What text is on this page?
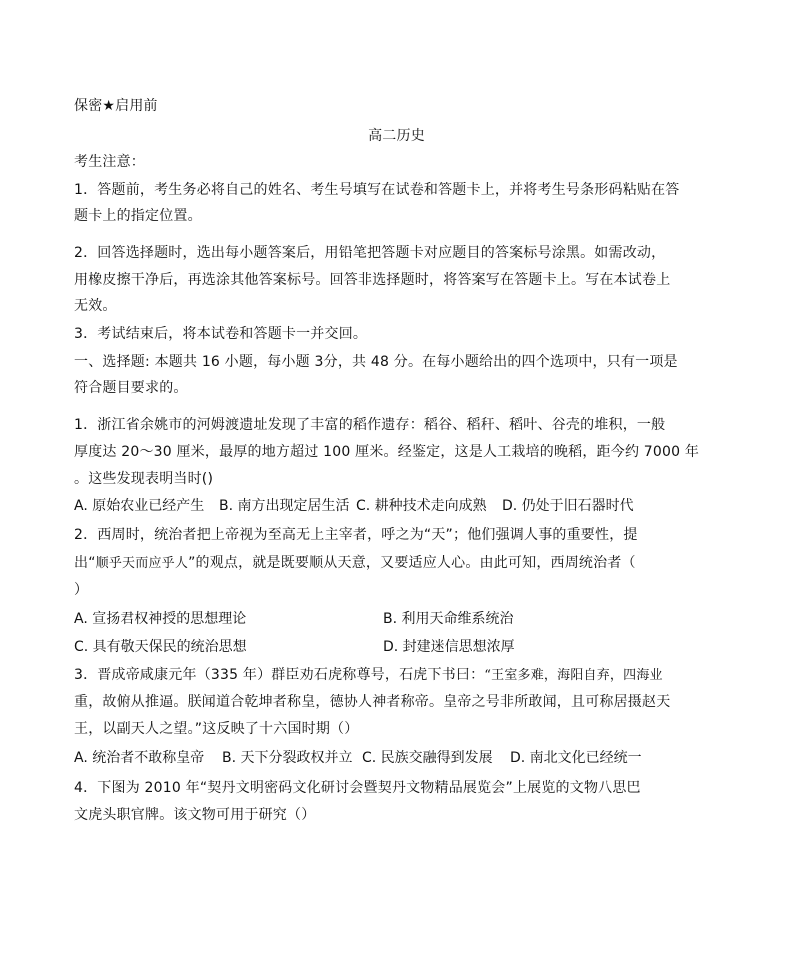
保密★启用前
高二历史
考生注意：
1．答题前，考生务必将自己的姓名、考生号填写在试卷和答题卡上，并将考生号条形码粘贴在答
题卡上的指定位置。
2．回答选择题时，选出每小题答案后，用铅笔把答题卡对应题目的答案标号涂黑。如需改动，
用橡皮擦干净后，再选涂其他答案标号。回答非选择题时，将答案写在答题卡上。写在本试卷上
无效。
3．考试结束后，将本试卷和答题卡一并交回。
一、选择题: 本题共 16 小题，每小题 3分，共 48 分。在每小题给出的四个选项中，只有一项是
符合题目要求的。
1．浙江省余姚市的河姆渡遗址发现了丰富的稻作遗存：稻谷、稻秆、稻叶、谷壳的堆积，一般
厚度达 20～30 厘米，最厚的地方超过 100 厘米。经鉴定，这是人工栽培的晚稻，距今约 7000 年
。这些发现表明当时()
A. 原始农业已经产生 B. 南方出现定居生活 C. 耕种技术走向成熟 D. 仍处于旧石器时代
2．西周时，统治者把上帝视为至高无上主宰者，呼之为“天”；他们强调人事的重要性，提
出“顺乎天而应乎人”的观点，就是既要顺从天意，又要适应人心。由此可知，西周统治者（
）
A. 宣扬君权神授的思想理论	B. 利用天命维系统治
C. 具有敬天保民的统治思想	D. 封建迷信思想浓厚
3．晋成帝咸康元年（335 年）群臣劝石虎称尊号，石虎下书曰：“王室多难，海阳自弃，四海业
重，故俯从推逼。朕闻道合乾坤者称皇，德协人神者称帝。皇帝之号非所敢闻，且可称居摄赵天
王，以副天人之望。”这反映了十六国时期（）
A. 统治者不敢称皇帝 B. 天下分裂政权并立 C. 民族交融得到发展 D. 南北文化已经统一
4．下图为 2010 年“契丹文明密码文化研讨会暨契丹文物精品展览会”上展览的文物八思巴
文虎头职官牌。该文物可用于研究（）
